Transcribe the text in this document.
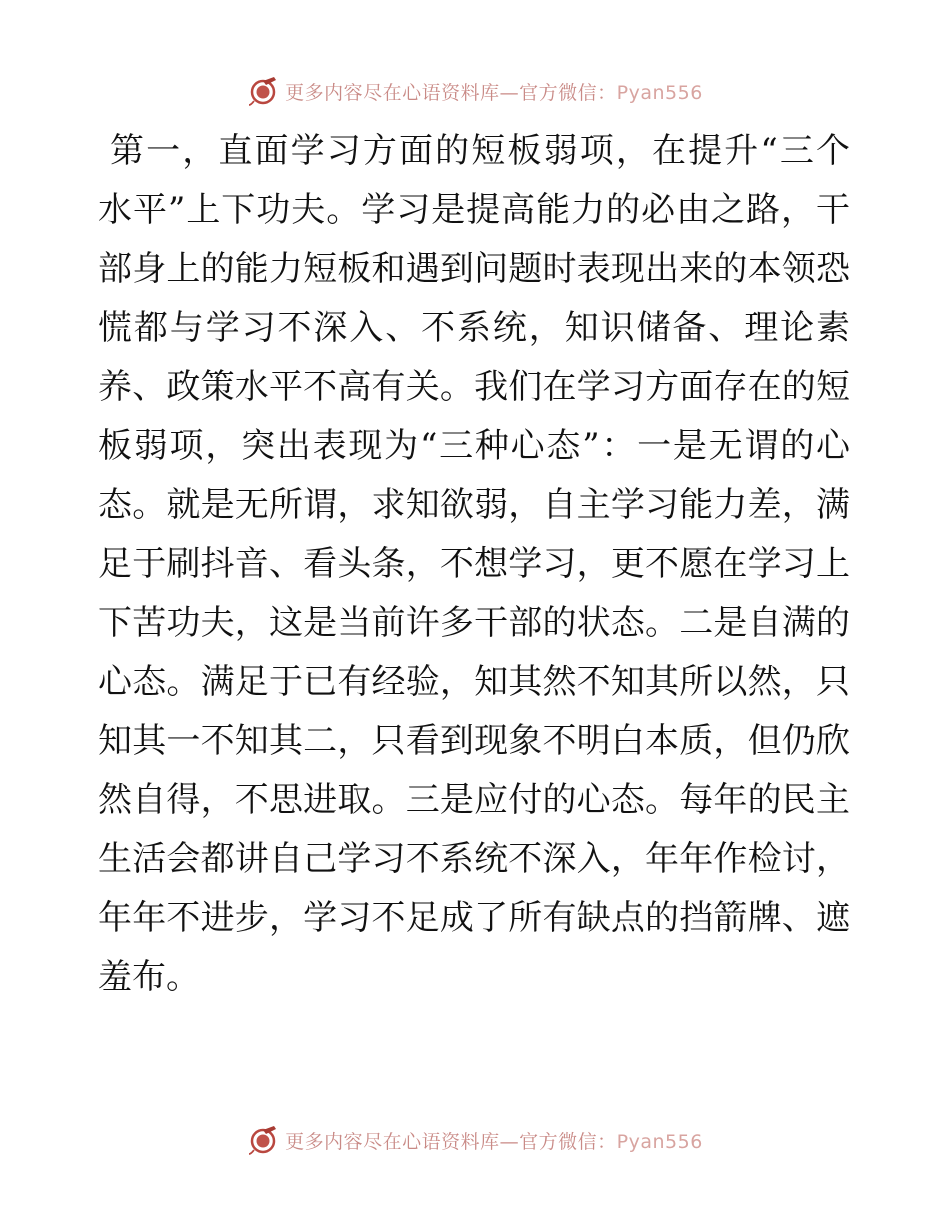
更多内容尽在心语资料库—官方微信：Pyan556
第一，直面学习方面的短板弱项，在提升“三个
水平”上下功夫。学习是提高能力的必由之路，干
部身上的能力短板和遇到问题时表现出来的本领恐
慌都与学习不深入、不系统，知识储备、理论素
养、政策水平不高有关。我们在学习方面存在的短
板弱项，突出表现为“三种心态”：一是无谓的心
态。就是无所谓，求知欲弱，自主学习能力差，满
足于刷抖音、看头条，不想学习，更不愿在学习上
下苦功夫，这是当前许多干部的状态。二是自满的
心态。满足于已有经验，知其然不知其所以然，只
知其一不知其二，只看到现象不明白本质，但仍欣
然自得，不思进取。三是应付的心态。每年的民主
生活会都讲自己学习不系统不深入，年年作检讨，
年年不进步，学习不足成了所有缺点的挡箭牌、遮
羞布。
更多内容尽在心语资料库—官方微信：Pyan556
